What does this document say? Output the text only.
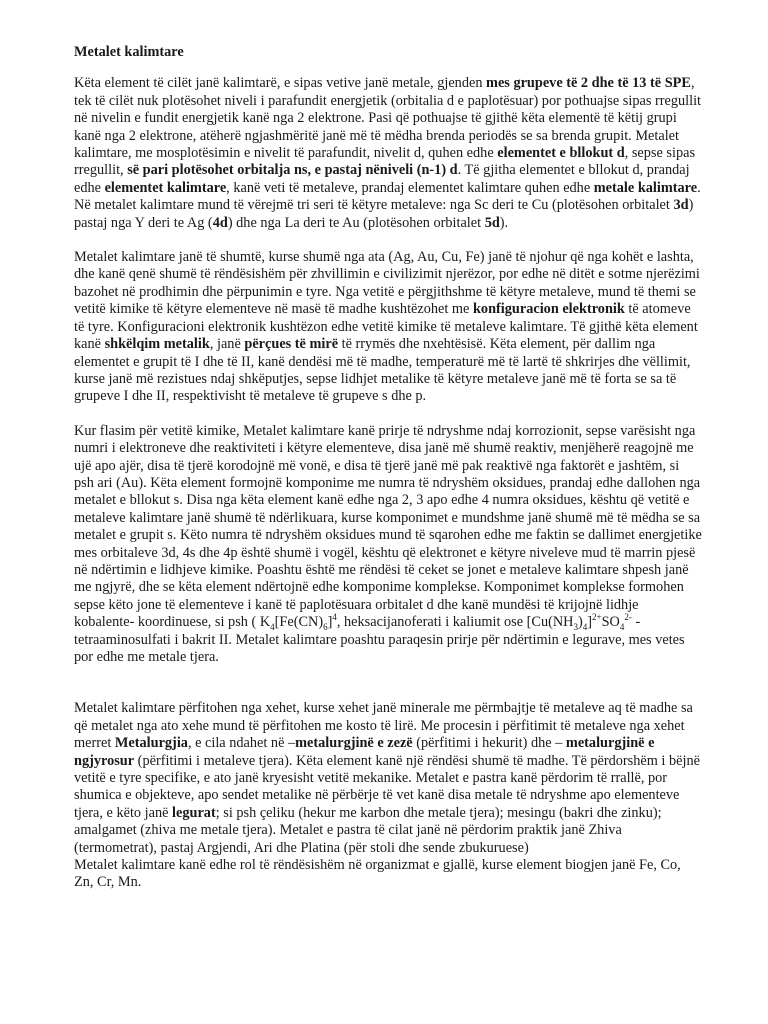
Metalet kalimtare

Këta element të cilët janë kalimtarë, e sipas vetive janë metale, gjenden mes grupeve të 2 dhe të 13 të SPE, tek të cilët nuk plotësohet niveli i parafundit energjetik (orbitalia d e paplotësuar) por pothuajse sipas rregullit në nivelin e fundit energjetik kanë nga 2 elektrone. Pasi që pothuajse të gjithë këta elementë të këtij grupi kanë nga 2 elektrone, atëherë ngjashmëritë janë më të mëdha brenda periodës se sa brenda grupit. Metalet kalimtare, me mosplotësimin e nivelit të parafundit, nivelit d, quhen edhe elementet e bllokut d, sepse sipas rregullit, së pari plotësohet orbitalja ns, e pastaj nëniveli (n-1) d. Të gjitha elementet e bllokut d, prandaj edhe elementet kalimtare, kanë veti të metaleve, prandaj elementet kalimtare quhen edhe metale kalimtare. Në metalet kalimtare mund të vërejmë tri seri të këtyre metaleve: nga Sc deri te Cu (plotësohen orbitalet 3d) pastaj nga Y deri te Ag (4d) dhe nga La deri te Au (plotësohen orbitalet 5d).

Metalet kalimtare janë të shumtë, kurse shumë nga ata (Ag, Au, Cu, Fe) janë të njohur që nga kohët e lashta, dhe kanë qenë shumë të rëndësishëm për zhvillimin e civilizimit njerëzor, por edhe në ditët e sotme njerëzimi bazohet në prodhimin dhe përpunimin e tyre. Nga vetitë e përgjithshme të këtyre metaleve, mund të themi se vetitë kimike të këtyre elementeve në masë të madhe kushtëzohet me konfiguracion elektronik të atomeve të tyre. Konfiguracioni elektronik kushtëzon edhe vetitë kimike të metaleve kalimtare. Të gjithë këta element kanë shkëlqim metalik, janë përçues të mirë të rrymës dhe nxehtësisë. Këta element, për dallim nga elementet e grupit të I dhe të II, kanë dendësi më të madhe, temperaturë më të lartë të shkrirjes dhe vëllimit, kurse janë më rezistues ndaj shkëputjes, sepse lidhjet metalike të këtyre metaleve janë më të forta se sa të grupeve I dhe II, respektivisht të metaleve të grupeve s dhe p.

Kur flasim për vetitë kimike, Metalet kalimtare kanë prirje të ndryshme ndaj korrozionit, sepse varësisht nga numri i elektroneve dhe reaktiviteti i këtyre elementeve, disa janë më shumë reaktiv, menjëherë reagojnë me ujë apo ajër, disa të tjerë korodojnë më vonë, e disa të tjerë janë më pak reaktivë nga faktorët e jashtëm, si psh ari (Au). Këta element formojnë komponime me numra të ndryshëm oksidues, prandaj edhe dallohen nga metalet e bllokut s. Disa nga këta element kanë edhe nga 2, 3 apo edhe 4 numra oksidues, kështu që vetitë e metaleve kalimtare janë shumë të ndërlikuara, kurse komponimet e mundshme janë shumë më të mëdha se sa metalet e grupit s. Këto numra të ndryshëm oksidues mund të sqarohen edhe me faktin se dallimet energjetike mes orbitaleve 3d, 4s dhe 4p është shumë i vogël, kështu që elektronet e këtyre niveleve mud të marrin pjesë në ndërtimin e lidhjeve kimike. Poashtu është me rëndësi të ceket se jonet e metaleve kalimtare shpesh janë me ngjyrë, dhe se këta element ndërtojnë edhe komponime komplekse. Komponimet komplekse formohen sepse këto jone të elementeve i kanë të paplotësuara orbitalet d dhe kanë mundësi të krijojnë lidhje kobalente- koordinuese, si psh ( $K_4[Fe(CN)_6]^4$, heksacijanoferati i kaliumit ose $[Cu(NH_3)_4]^{2+}SO_4^{2-}$ - tetraaminosulfati i bakrit II. Metalet kalimtare poashtu paraqesin prirje për ndërtimin e legurave, mes vetes por edhe me metale tjera.

Metalet kalimtare përfitohen nga xehet, kurse xehet janë minerale me përmbajtje të metaleve aq të madhe sa që metalet nga ato xehe mund të përfitohen me kosto të lirë. Me procesin i përfitimit të metaleve nga xehet merret Metalurgjia, e cila ndahet në –metalurgjinë e zezë (përfitimi i hekurit) dhe – metalurgjinë e ngjyrosur (përfitimi i metaleve tjera). Këta element kanë një rëndësi shumë të madhe. Të përdorshëm i bëjnë vetitë e tyre specifike, e ato janë kryesisht vetitë mekanike. Metalet e pastra kanë përdorim të rrallë, por shumica e objekteve, apo sendet metalike në përbërje të vet kanë disa metale të ndryshme apo elementeve tjera, e këto janë legurat; si psh çeliku (hekur me karbon dhe metale tjera); mesingu (bakri dhe zinku); amalgamet (zhiva me metale tjera). Metalet e pastra të cilat janë në përdorim praktik janë Zhiva (termometrat), pastaj Argjendi, Ari dhe Platina (për stoli dhe sende zbukuruese)

Metalet kalimtare kanë edhe rol të rëndësishëm në organizmat e gjallë, kurse element biogjen janë Fe, Co, Zn, Cr, Mn.
